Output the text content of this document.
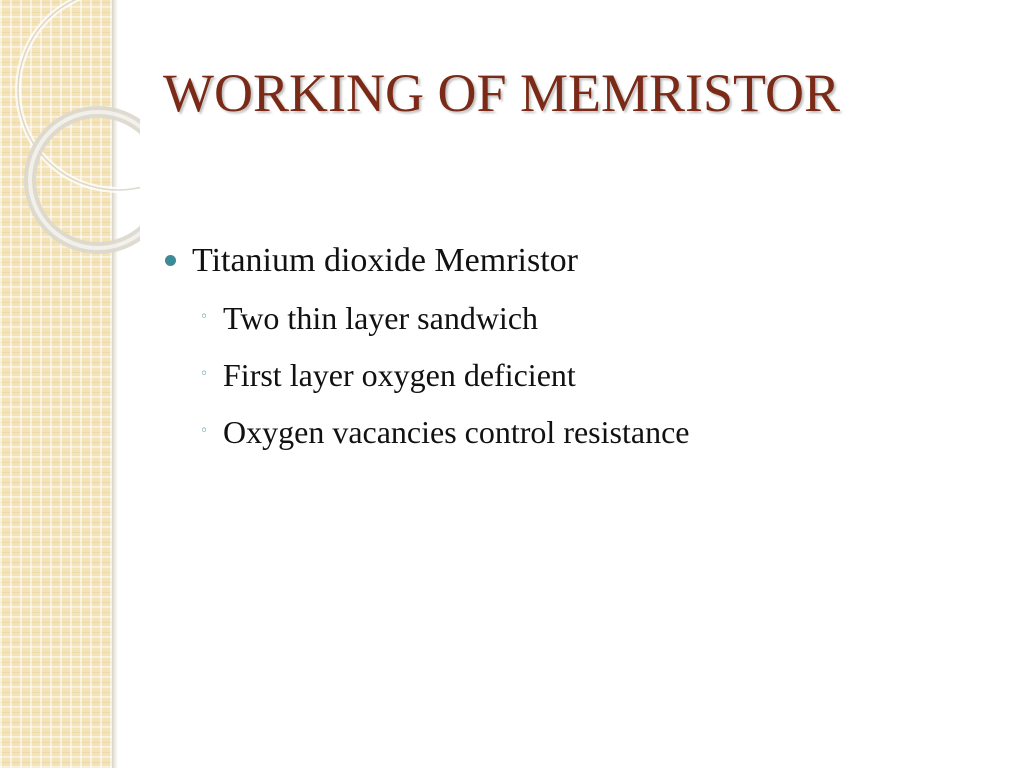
WORKING OF MEMRISTOR
Titanium dioxide Memristor
◦ Two thin layer sandwich
◦ First layer oxygen deficient
◦ Oxygen vacancies control resistance
